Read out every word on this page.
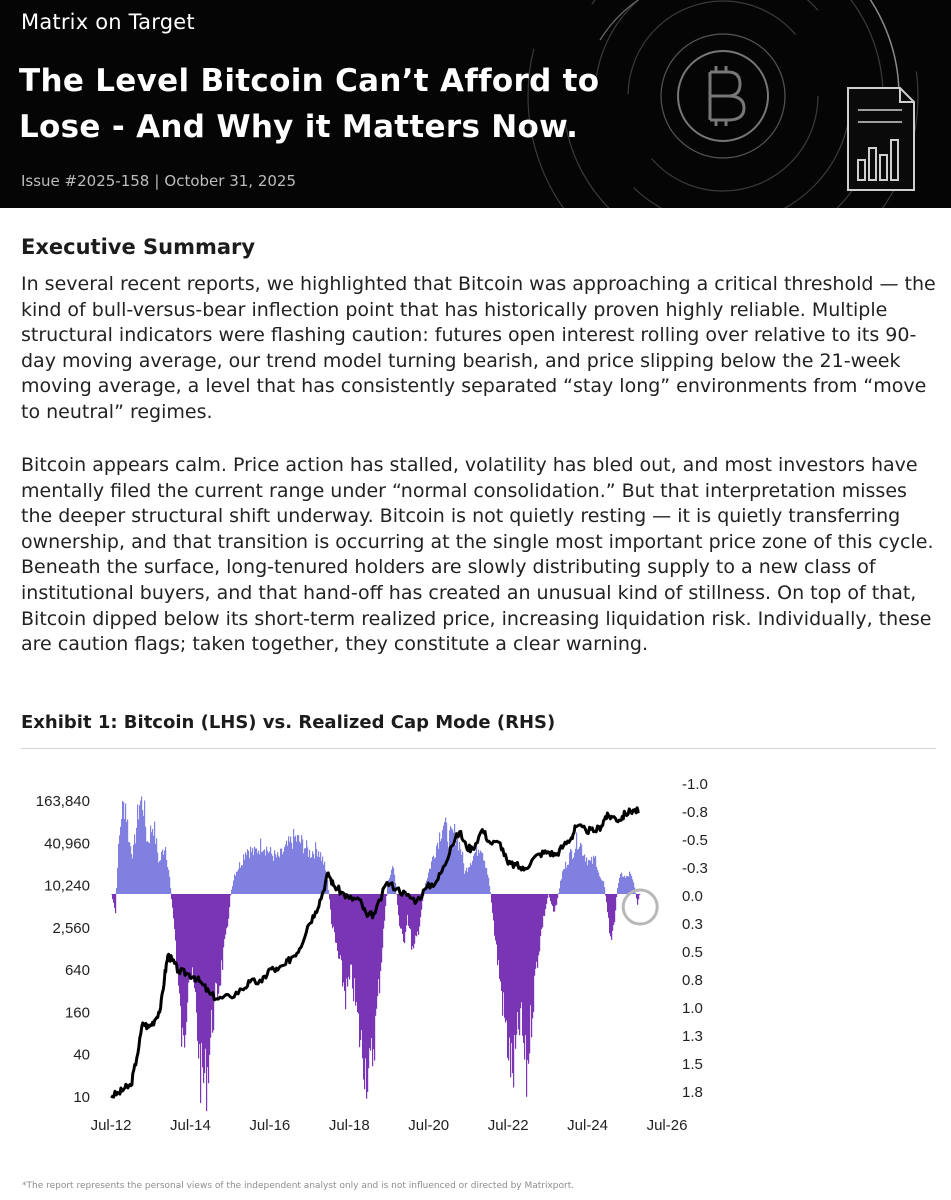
Matrix on Target
The Level Bitcoin Can’t Afford to Lose - And Why it Matters Now.
Issue #2025-158 | October 31, 2025
Executive Summary

In several recent reports, we highlighted that Bitcoin was approaching a critical threshold — the kind of bull-versus-bear inflection point that has historically proven highly reliable. Multiple structural indicators were flashing caution: futures open interest rolling over relative to its 90-day moving average, our trend model turning bearish, and price slipping below the 21-week moving average, a level that has consistently separated “stay long” environments from “move to neutral” regimes.

Bitcoin appears calm. Price action has stalled, volatility has bled out, and most investors have mentally filed the current range under “normal consolidation.” But that interpretation misses the deeper structural shift underway. Bitcoin is not quietly resting — it is quietly transferring ownership, and that transition is occurring at the single most important price zone of this cycle. Beneath the surface, long-tenured holders are slowly distributing supply to a new class of institutional buyers, and that hand-off has created an unusual kind of stillness. On top of that, Bitcoin dipped below its short-term realized price, increasing liquidation risk. Individually, these are caution flags; taken together, they constitute a clear warning.

Exhibit 1: Bitcoin (LHS) vs. Realized Cap Mode (RHS)
163,840
40,960
10,240
2,560
640
160
40
10
-1.0
-0.8
-0.5
-0.3
0.0
0.3
0.5
0.8
1.0
1.3
1.5
1.8
Jul-12	Jul-14	Jul-16	Jul-18	Jul-20	Jul-22	Jul-24	Jul-26
*The report represents the personal views of the independent analyst only and is not influenced or directed by Matrixport.
